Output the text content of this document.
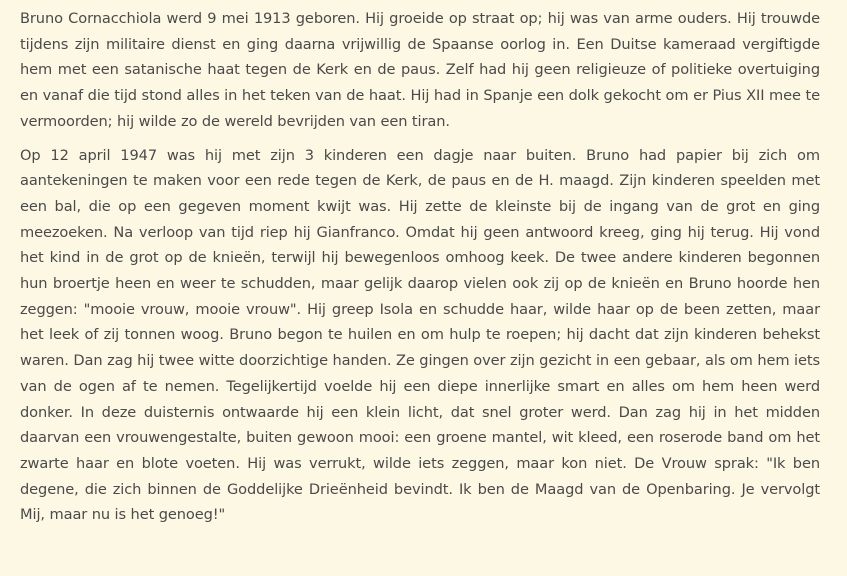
Bruno Cornacchiola werd 9 mei 1913 geboren. Hij groeide op straat op; hij was van arme ouders. Hij trouwde tijdens zijn militaire dienst en ging daarna vrijwillig de Spaanse oorlog in. Een Duitse kameraad vergiftigde hem met een satanische haat tegen de Kerk en de paus. Zelf had hij geen religieuze of politieke overtuiging en vanaf die tijd stond alles in het teken van de haat. Hij had in Spanje een dolk gekocht om er Pius XII mee te vermoorden; hij wilde zo de wereld bevrijden van een tiran.

Op 12 april 1947 was hij met zijn 3 kinderen een dagje naar buiten. Bruno had papier bij zich om aantekeningen te maken voor een rede tegen de Kerk, de paus en de H. maagd. Zijn kinderen speelden met een bal, die op een gegeven moment kwijt was. Hij zette de kleinste bij de ingang van de grot en ging meezoeken. Na verloop van tijd riep hij Gianfranco. Omdat hij geen antwoord kreeg, ging hij terug. Hij vond het kind in de grot op de knieën, terwijl hij bewegenloos omhoog keek. De twee andere kinderen begonnen hun broertje heen en weer te schudden, maar gelijk daarop vielen ook zij op de knieën en Bruno hoorde hen zeggen: "mooie vrouw, mooie vrouw". Hij greep Isola en schudde haar, wilde haar op de been zetten, maar het leek of zij tonnen woog. Bruno begon te huilen en om hulp te roepen; hij dacht dat zijn kinderen behekst waren. Dan zag hij twee witte doorzichtige handen. Ze gingen over zijn gezicht in een gebaar, als om hem iets van de ogen af te nemen. Tegelijkertijd voelde hij een diepe innerlijke smart en alles om hem heen werd donker. In deze duisternis ontwaarde hij een klein licht, dat snel groter werd. Dan zag hij in het midden daarvan een vrouwengestalte, buiten gewoon mooi: een groene mantel, wit kleed, een roserode band om het zwarte haar en blote voeten. Hij was verrukt, wilde iets zeggen, maar kon niet. De Vrouw sprak: "Ik ben degene, die zich binnen de Goddelijke Drieënheid bevindt. Ik ben de Maagd van de Openbaring. Je vervolgt Mij, maar nu is het genoeg!"
